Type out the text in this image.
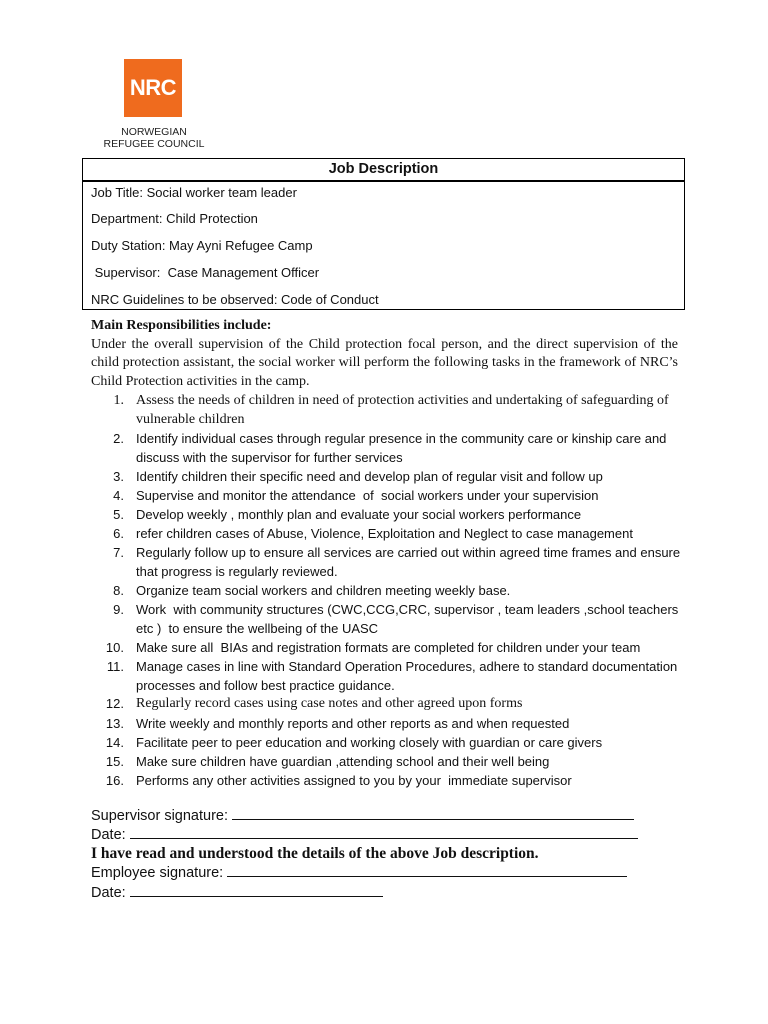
NRC
NORWEGIAN
REFUGEE COUNCIL
Job Description
Job Title: Social worker team leader
Department: Child Protection
Duty Station: May Ayni Refugee Camp
Supervisor:  Case Management Officer
NRC Guidelines to be observed: Code of Conduct
Main Responsibilities include:
Under the overall supervision of the Child protection focal person, and the direct supervision of the child protection assistant, the social worker will perform the following tasks in the framework of NRC’s Child Protection activities in the camp.
1. Assess the needs of children in need of protection activities and undertaking of safeguarding of vulnerable children
2. Identify individual cases through regular presence in the community care or kinship care and  discuss with the supervisor for further services
3. Identify children their specific need and develop plan of regular visit and follow up
4. Supervise and monitor the attendance  of  social workers under your supervision
5. Develop weekly , monthly plan and evaluate your social workers performance
6. refer children cases of Abuse, Violence, Exploitation and Neglect to case management
7. Regularly follow up to ensure all services are carried out within agreed time frames and ensure that progress is regularly reviewed.
8. Organize team social workers and children meeting weekly base.
9. Work  with community structures (CWC,CCG,CRC, supervisor , team leaders ,school teachers  etc )  to ensure the wellbeing of the UASC
10. Make sure all  BIAs and registration formats are completed for children under your team
11. Manage cases in line with Standard Operation Procedures, adhere to standard documentation processes and follow best practice guidance.
12. Regularly record cases using case notes and other agreed upon forms
13. Write weekly and monthly reports and other reports as and when requested
14. Facilitate peer to peer education and working closely with guardian or care givers
15. Make sure children have guardian ,attending school and their well being
16. Performs any other activities assigned to you by your  immediate supervisor
Supervisor signature:
Date:
I have read and understood the details of the above Job description.
Employee signature:
Date:
